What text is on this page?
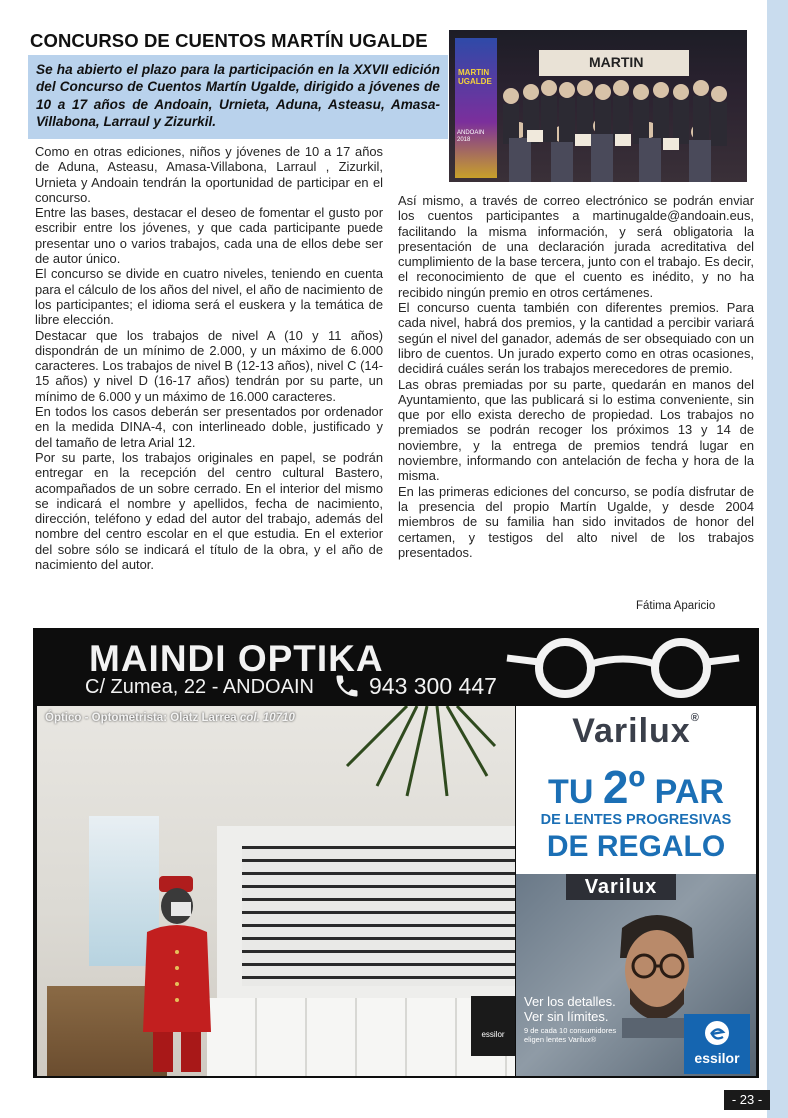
CONCURSO DE CUENTOS MARTÍN UGALDE

Se ha abierto el plazo para la participación en la XXVII edición del Concurso de Cuentos Martín Ugalde, dirigido a jóvenes de 10 a 17 años de Andoain, Urnieta, Aduna, Asteasu, Amasa-Villabona, Larraul y Zizurkil.

MARTIN UGALDE
ANDOAIN 2018
MARTIN

Como en otras ediciones, niños y jóvenes de 10 a 17 años de Aduna, Asteasu, Amasa-Villabona, Larraul , Zizurkil, Urnieta y Andoain tendrán la oportunidad de participar en el concurso.

Entre las bases, destacar el deseo de fomentar el gusto por escribir entre los jóvenes, y que cada participante puede presentar uno o varios trabajos, cada una de ellos debe ser de autor único.

El concurso se divide en cuatro niveles, teniendo en cuenta para el cálculo de los años del nivel, el año de nacimiento de los participantes; el idioma será el euskera y la temática de libre elección.

Destacar que los trabajos de nivel A (10 y 11 años) dispondrán de un mínimo de 2.000, y un máximo de 6.000 caracteres. Los trabajos de nivel B (12-13 años), nivel C (14-15 años) y nivel D (16-17 años) tendrán por su parte, un mínimo de 6.000 y un máximo de 16.000 caracteres.

En todos los casos deberán ser presentados por ordenador en la medida DINA-4, con interlineado doble, justificado y del tamaño de letra Arial 12.

Por su parte, los trabajos originales en papel, se podrán entregar en la recepción del centro cultural Bastero, acompañados de un sobre cerrado. En el interior del mismo se indicará el nombre y apellidos, fecha de nacimiento, dirección, teléfono y edad del autor del trabajo, además del nombre del centro escolar en el que estudia. En el exterior del sobre sólo se indicará el título de la obra, y el año de nacimiento del autor.

Así mismo, a través de correo electrónico se podrán enviar los cuentos participantes a martinugalde@andoain.eus, facilitando la misma información, y será obligatoria la presentación de una declaración jurada acreditativa del cumplimiento de la base tercera, junto con el trabajo. Es decir, el reconocimiento de que el cuento es inédito, y no ha recibido ningún premio en otros certámenes.

El concurso cuenta también con diferentes premios. Para cada nivel, habrá dos premios, y la cantidad a percibir variará según el nivel del ganador, además de ser obsequiado con un libro de cuentos. Un jurado experto como en otras ocasiones, decidirá cuáles serán los trabajos merecedores de premio.

Las obras premiadas por su parte, quedarán en manos del Ayuntamiento, que las publicará si lo estima conveniente, sin que por ello exista derecho de propiedad. Los trabajos no premiados se podrán recoger los próximos 13 y 14 de noviembre, y la entrega de premios tendrá lugar en noviembre, informando con antelación de fecha y hora de la misma.

En las primeras ediciones del concurso, se podía disfrutar de la presencia del propio Martín Ugalde, y desde 2004 miembros de su familia han sido invitados de honor del certamen, y testigos del alto nivel de los trabajos presentados.

Fátima Aparicio
MAINDI OPTIKA
C/ Zumea, 22 - ANDOAIN 943 300 447
essilor
Óptico - Optometrista: Olatz Larrea col. 10710	Varilux®
TU 2º PAR
DE LENTES PROGRESIVAS
DE REGALO
Varilux
Ver los detalles.
Ver sin límites.
9 de cada 10 consumidores
eligen lentes Varilux®
essilor
- 23 -
